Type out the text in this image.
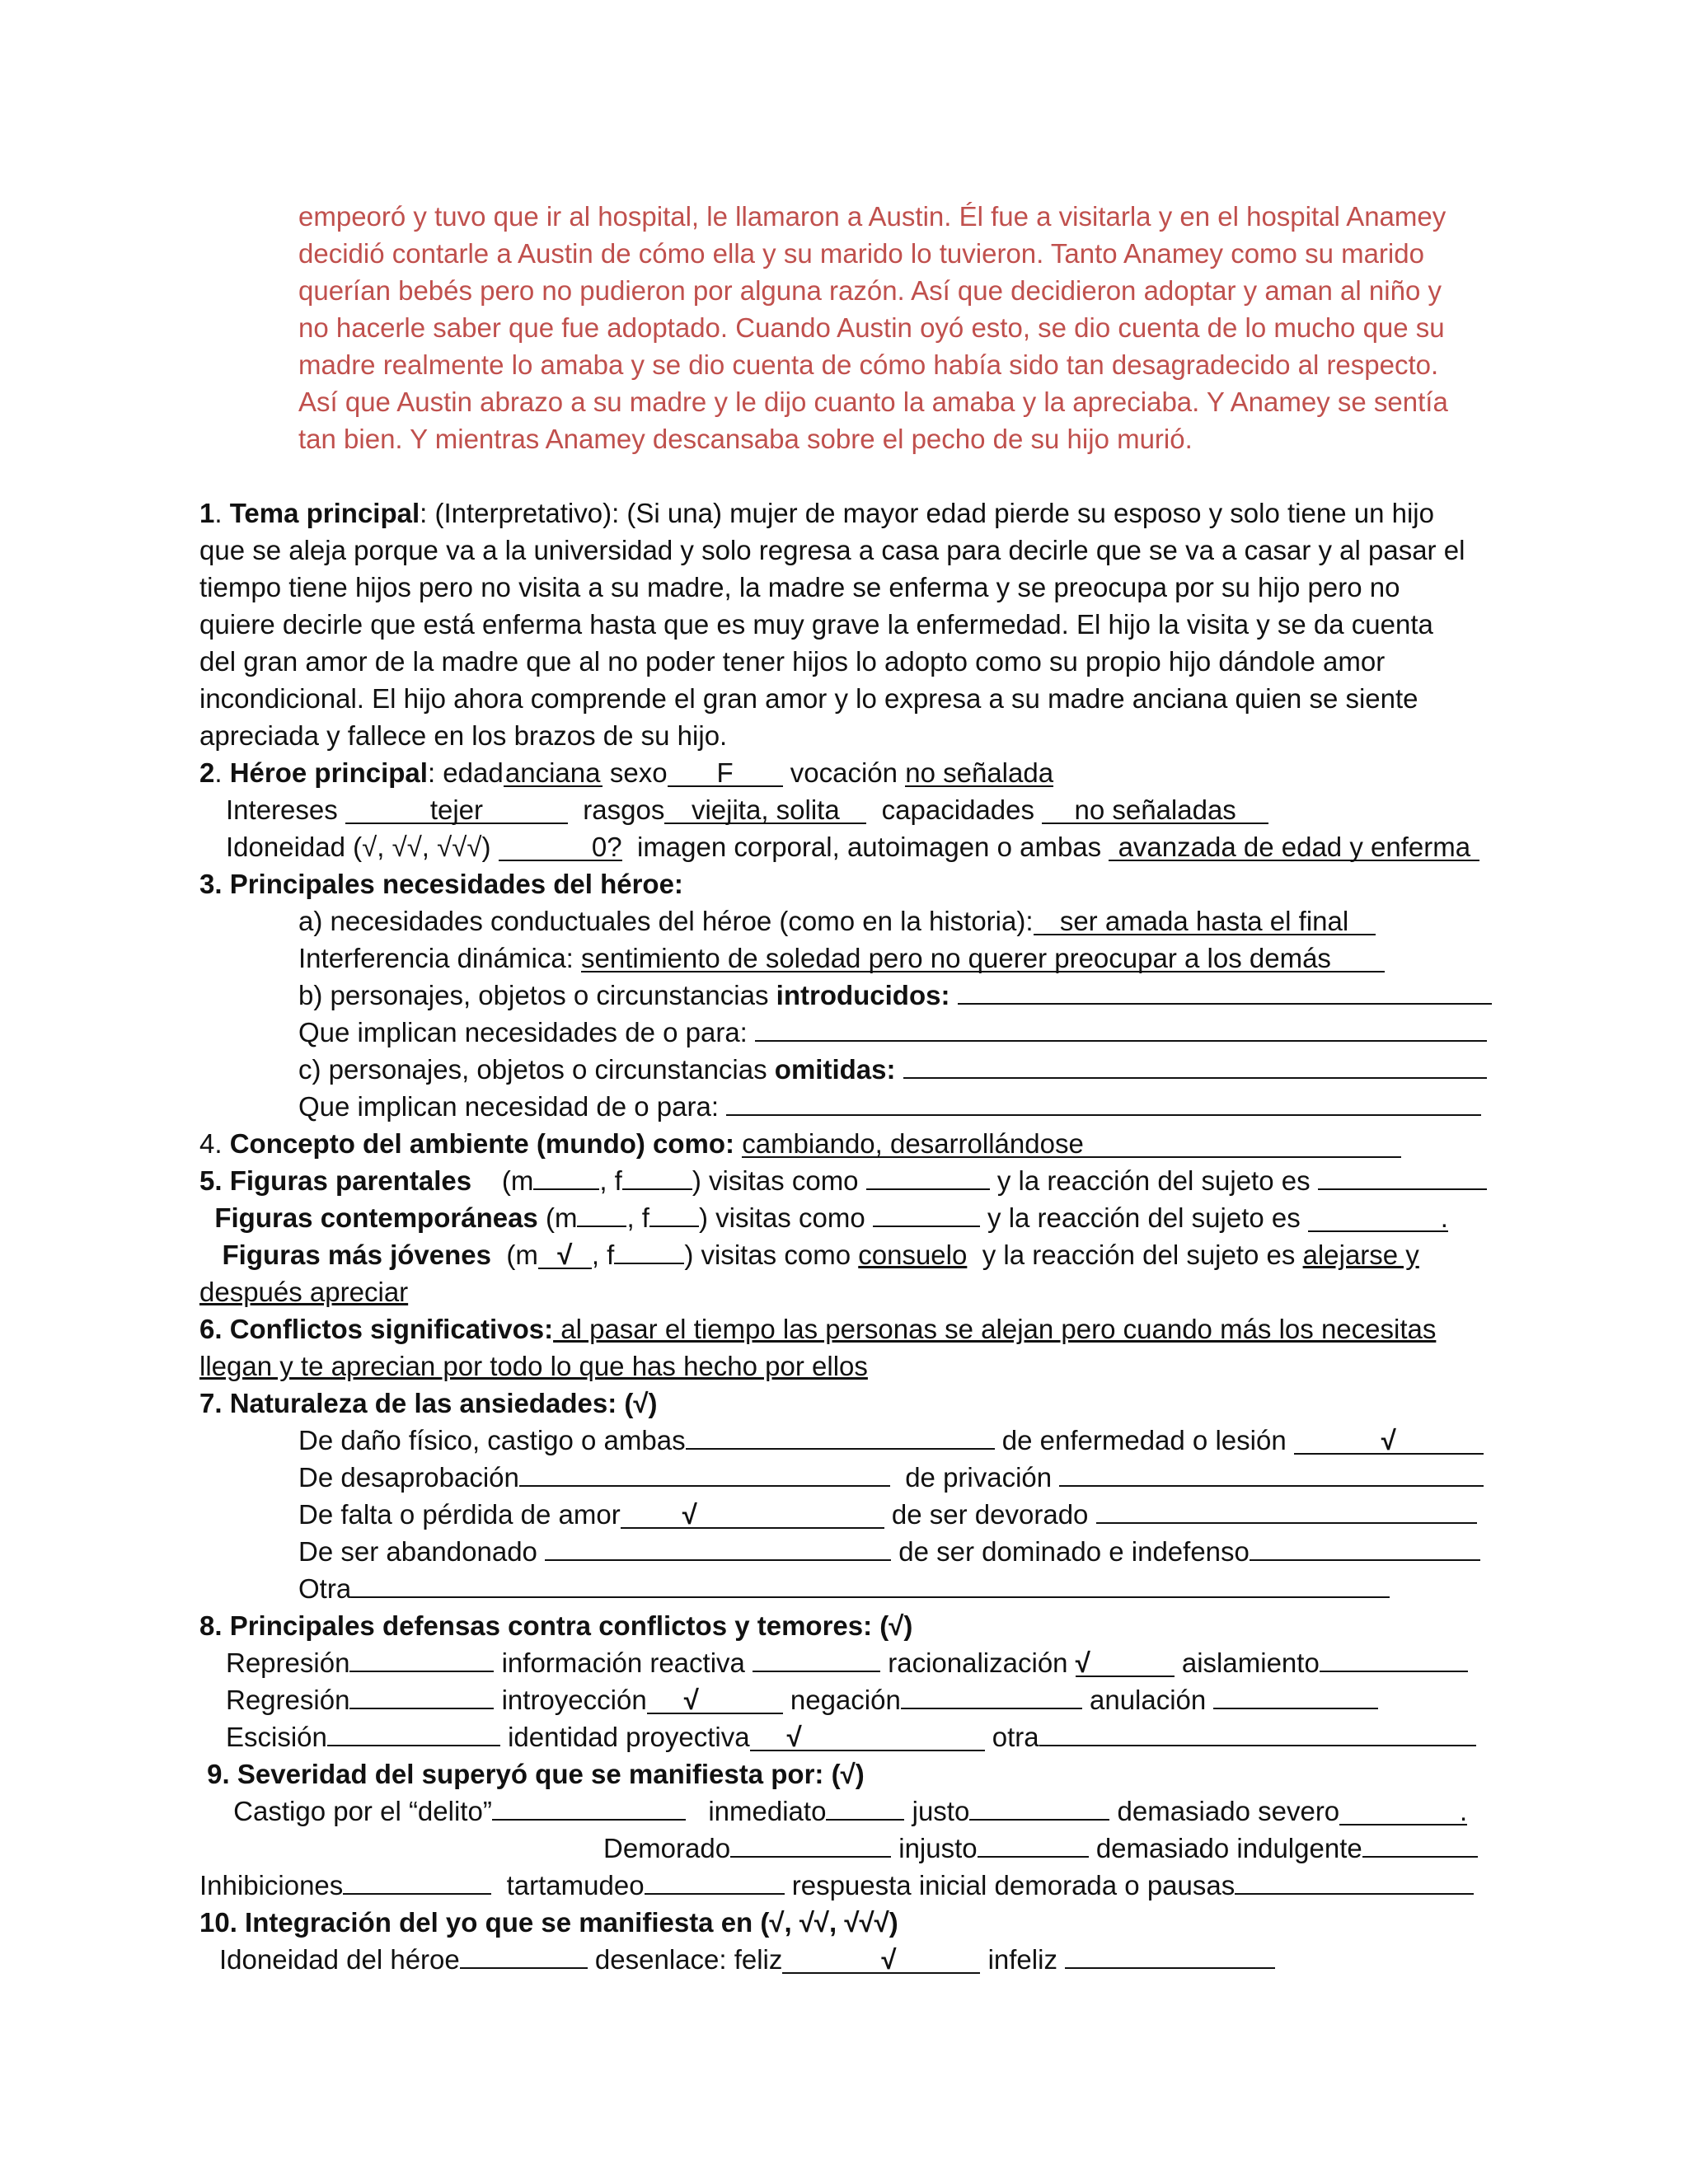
empeoró y tuvo que ir al hospital, le llamaron a Austin. Él fue a visitarla y en el hospital Anamey

decidió contarle a Austin de cómo ella y su marido lo tuvieron. Tanto Anamey como su marido

querían bebés pero no pudieron por alguna razón. Así que decidieron adoptar y aman al niño y

no hacerle saber que fue adoptado. Cuando Austin oyó esto, se dio cuenta de lo mucho que su

madre realmente lo amaba y se dio cuenta de cómo había sido tan desagradecido al respecto.

Así que Austin abrazo a su madre y le dijo cuanto la amaba y la apreciaba. Y Anamey se sentía

tan bien. Y mientras Anamey descansaba sobre el pecho de su hijo murió.

1. Tema principal: (Interpretativo): (Si una) mujer de mayor edad pierde su esposo y solo tiene un hijo
que se aleja porque va a la universidad y solo regresa a casa para decirle que se va a casar y al pasar el
tiempo tiene hijos pero no visita a su madre, la madre se enferma y se preocupa por su hijo pero no
quiere decirle que está enferma hasta que es muy grave la enfermedad. El hijo la visita y se da cuenta
del gran amor de la madre que al no poder tener hijos lo adopto como su propio hijo dándole amor
incondicional. El hijo ahora comprende el gran amor y lo expresa a su madre anciana quien se siente
apreciada y fallece en los brazos de su hijo.
2. Héroe principal: edadanciana sexo F vocación no señalada
Intereses	tejer	rasgos viejita, solita capacidades no señaladas
Idoneidad (√, √√, √√√)	0? imagen corporal, autoimagen o ambas avanzada de edad y enferma
3. Principales necesidades del héroe:
a) necesidades conductuales del héroe (como en la historia): ser amada hasta el final
Interferencia dinámica: sentimiento de soledad pero no querer preocupar a los demás
b) personajes, objetos o circunstancias introducidos:
Que implican necesidades de o para:
c) personajes, objetos o circunstancias omitidas:
Que implican necesidad de o para:
4. Concepto del ambiente (mundo) como: cambiando, desarrollándose
5. Figuras parentales (m , f	) visitas como	y la reacción del sujeto es
Figuras contemporáneas (m , f ) visitas como	y la reacción del sujeto es	.
Figuras más jóvenes (m √ , f	) visitas como consuelo y la reacción del sujeto es alejarse y
después apreciar
6. Conflictos significativos: al pasar el tiempo las personas se alejan pero cuando más los necesitas
llegan y te aprecian por todo lo que has hecho por ellos
7. Naturaleza de las ansiedades: (√)
De daño físico, castigo o ambas	de enfermedad o lesión	√
De desaprobación	de privación
De falta o pérdida de amor √	de ser devorado
De ser abandonado	de ser dominado e indefenso
Otra
8. Principales defensas contra conflictos y temores: (√)
Represión	información reactiva	racionalización √	aislamiento
Regresión	introyección √	negación	anulación
Escisión	identidad proyectiva √	otra
9. Severidad del superyó que se manifiesta por: (√)
Castigo por el “delito”	inmediato	justo	demasiado severo	.
Demorado	injusto	demasiado indulgente
Inhibiciones	tartamudeo	respuesta inicial demorada o pausas
10. Integración del yo que se manifiesta en (√, √√, √√√)
Idoneidad del héroe	desenlace: feliz	√	infeliz
